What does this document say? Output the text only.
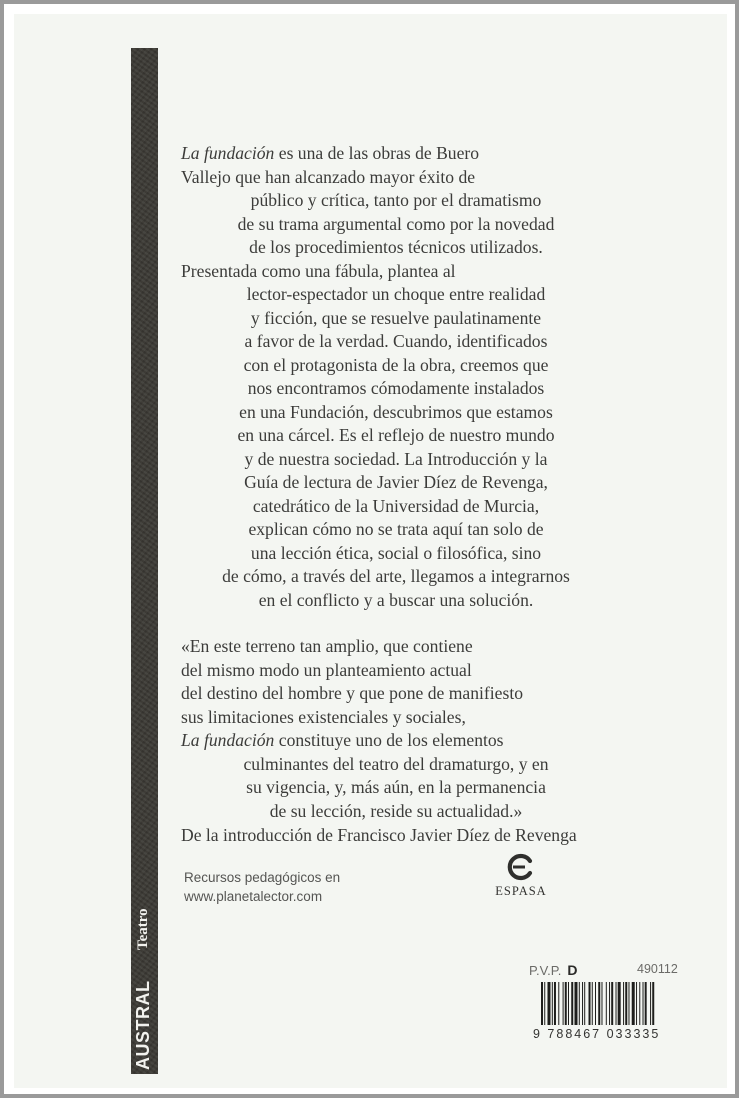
AUSTRAL
Teatro

La fundación es una de las obras de Buero

Vallejo que han alcanzado mayor éxito de

público y crítica, tanto por el dramatismo

de su trama argumental como por la novedad

de los procedimientos técnicos utilizados.

Presentada como una fábula, plantea al

lector-espectador un choque entre realidad

y ficción, que se resuelve paulatinamente

a favor de la verdad. Cuando, identificados

con el protagonista de la obra, creemos que

nos encontramos cómodamente instalados

en una Fundación, descubrimos que estamos

en una cárcel. Es el reflejo de nuestro mundo

y de nuestra sociedad. La Introducción y la

Guía de lectura de Javier Díez de Revenga,

catedrático de la Universidad de Murcia,

explican cómo no se trata aquí tan solo de

una lección ética, social o filosófica, sino

de cómo, a través del arte, llegamos a integrarnos

en el conflicto y a buscar una solución.

«En este terreno tan amplio, que contiene

del mismo modo un planteamiento actual

del destino del hombre y que pone de manifiesto

sus limitaciones existenciales y sociales,

La fundación constituye uno de los elementos

culminantes del teatro del dramaturgo, y en

su vigencia, y, más aún, en la permanencia

de su lección, reside su actualidad.»

De la introducción de Francisco Javier Díez de Revenga

Recursos pedagógicos en
www.planetalector.com	ESPASA
P.V.P. D	490112
9 788467 033335
